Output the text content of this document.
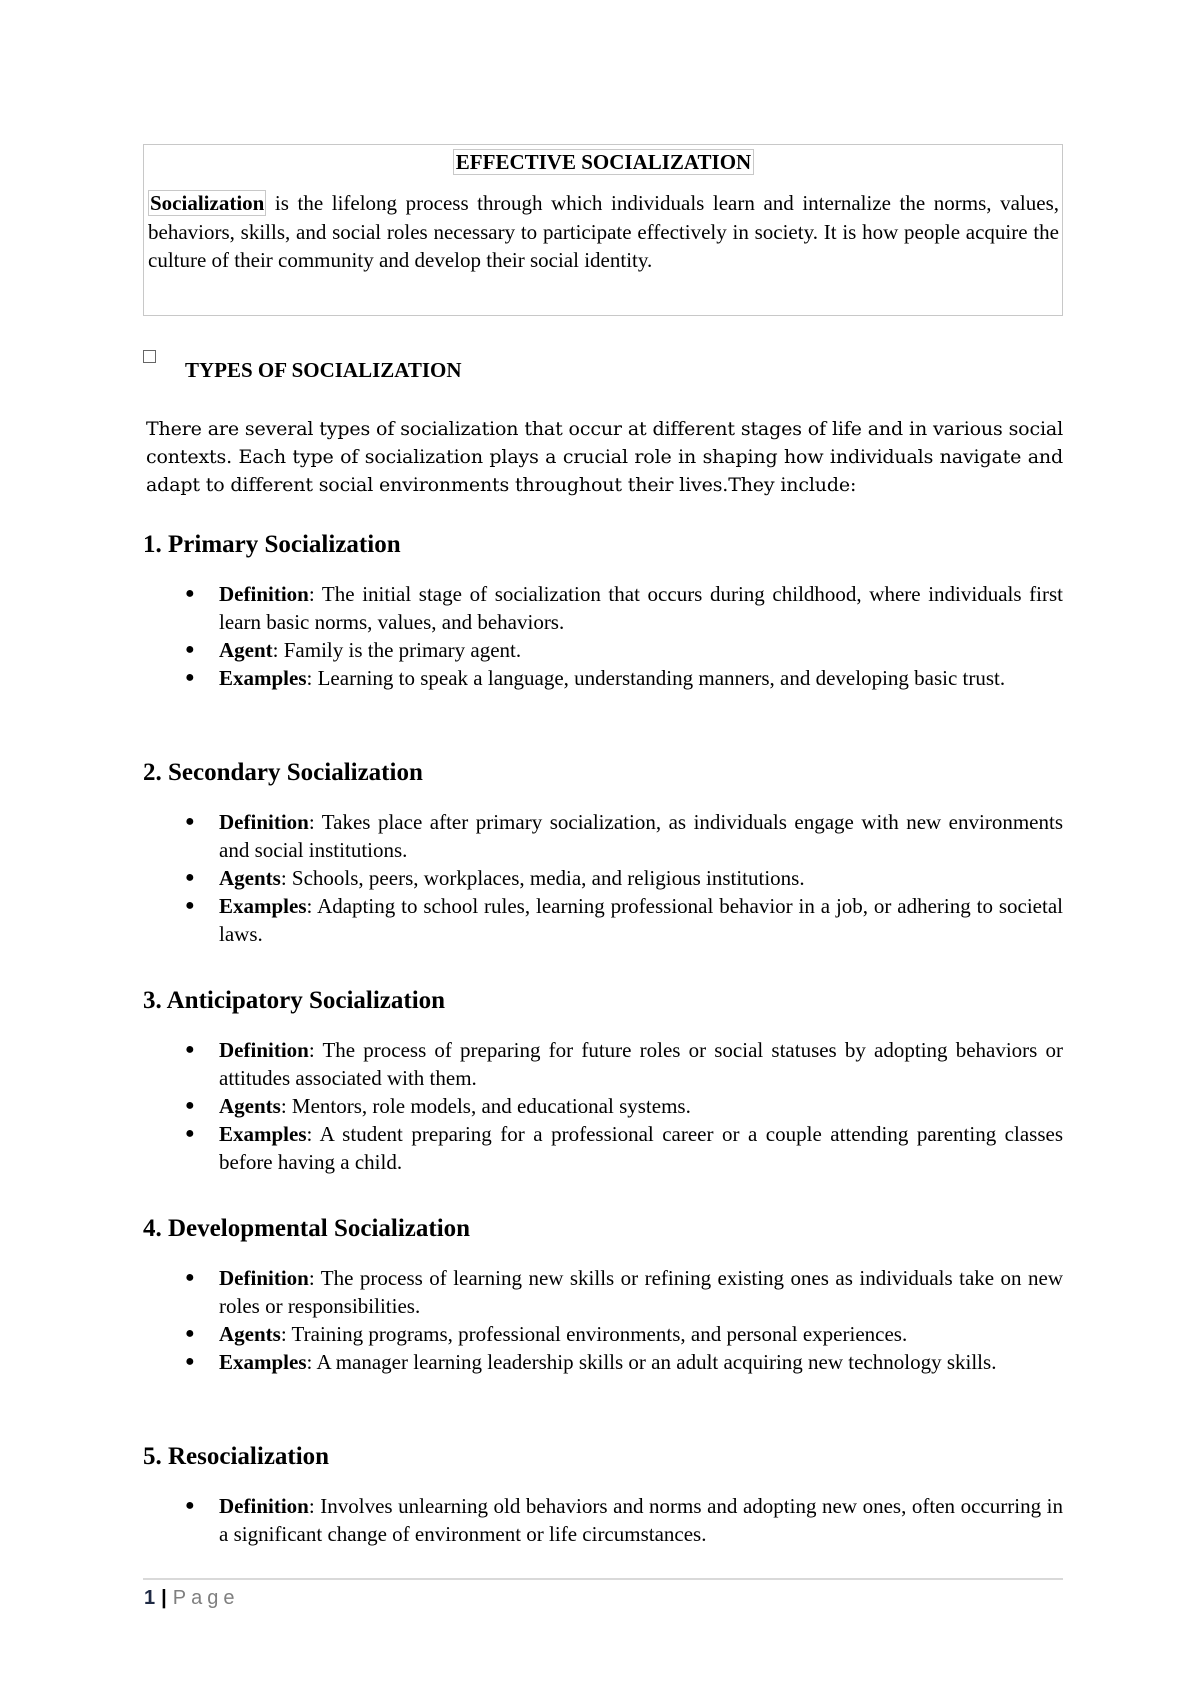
EFFECTIVE SOCIALIZATION

Socialization is the lifelong process through which individuals learn and internalize the norms, values, behaviors, skills, and social roles necessary to participate effectively in society. It is how people acquire the culture of their community and develop their social identity.

TYPES OF SOCIALIZATION

There are several types of socialization that occur at different stages of life and in various social contexts. Each type of socialization plays a crucial role in shaping how individuals navigate and adapt to different social environments throughout their lives.They include:

1. Primary Socialization
● Definition: The initial stage of socialization that occurs during childhood, where individuals first learn basic norms, values, and behaviors.
● Agent: Family is the primary agent.
● Examples: Learning to speak a language, understanding manners, and developing basic trust.
2. Secondary Socialization
● Definition: Takes place after primary socialization, as individuals engage with new environments and social institutions.
● Agents: Schools, peers, workplaces, media, and religious institutions.
● Examples: Adapting to school rules, learning professional behavior in a job, or adhering to societal laws.
3. Anticipatory Socialization
● Definition: The process of preparing for future roles or social statuses by adopting behaviors or attitudes associated with them.
● Agents: Mentors, role models, and educational systems.
● Examples: A student preparing for a professional career or a couple attending parenting classes before having a child.
4. Developmental Socialization
● Definition: The process of learning new skills or refining existing ones as individuals take on new roles or responsibilities.
● Agents: Training programs, professional environments, and personal experiences.
● Examples: A manager learning leadership skills or an adult acquiring new technology skills.
5. Resocialization
● Definition: Involves unlearning old behaviors and norms and adopting new ones, often occurring in a significant change of environment or life circumstances.
1 | Page
